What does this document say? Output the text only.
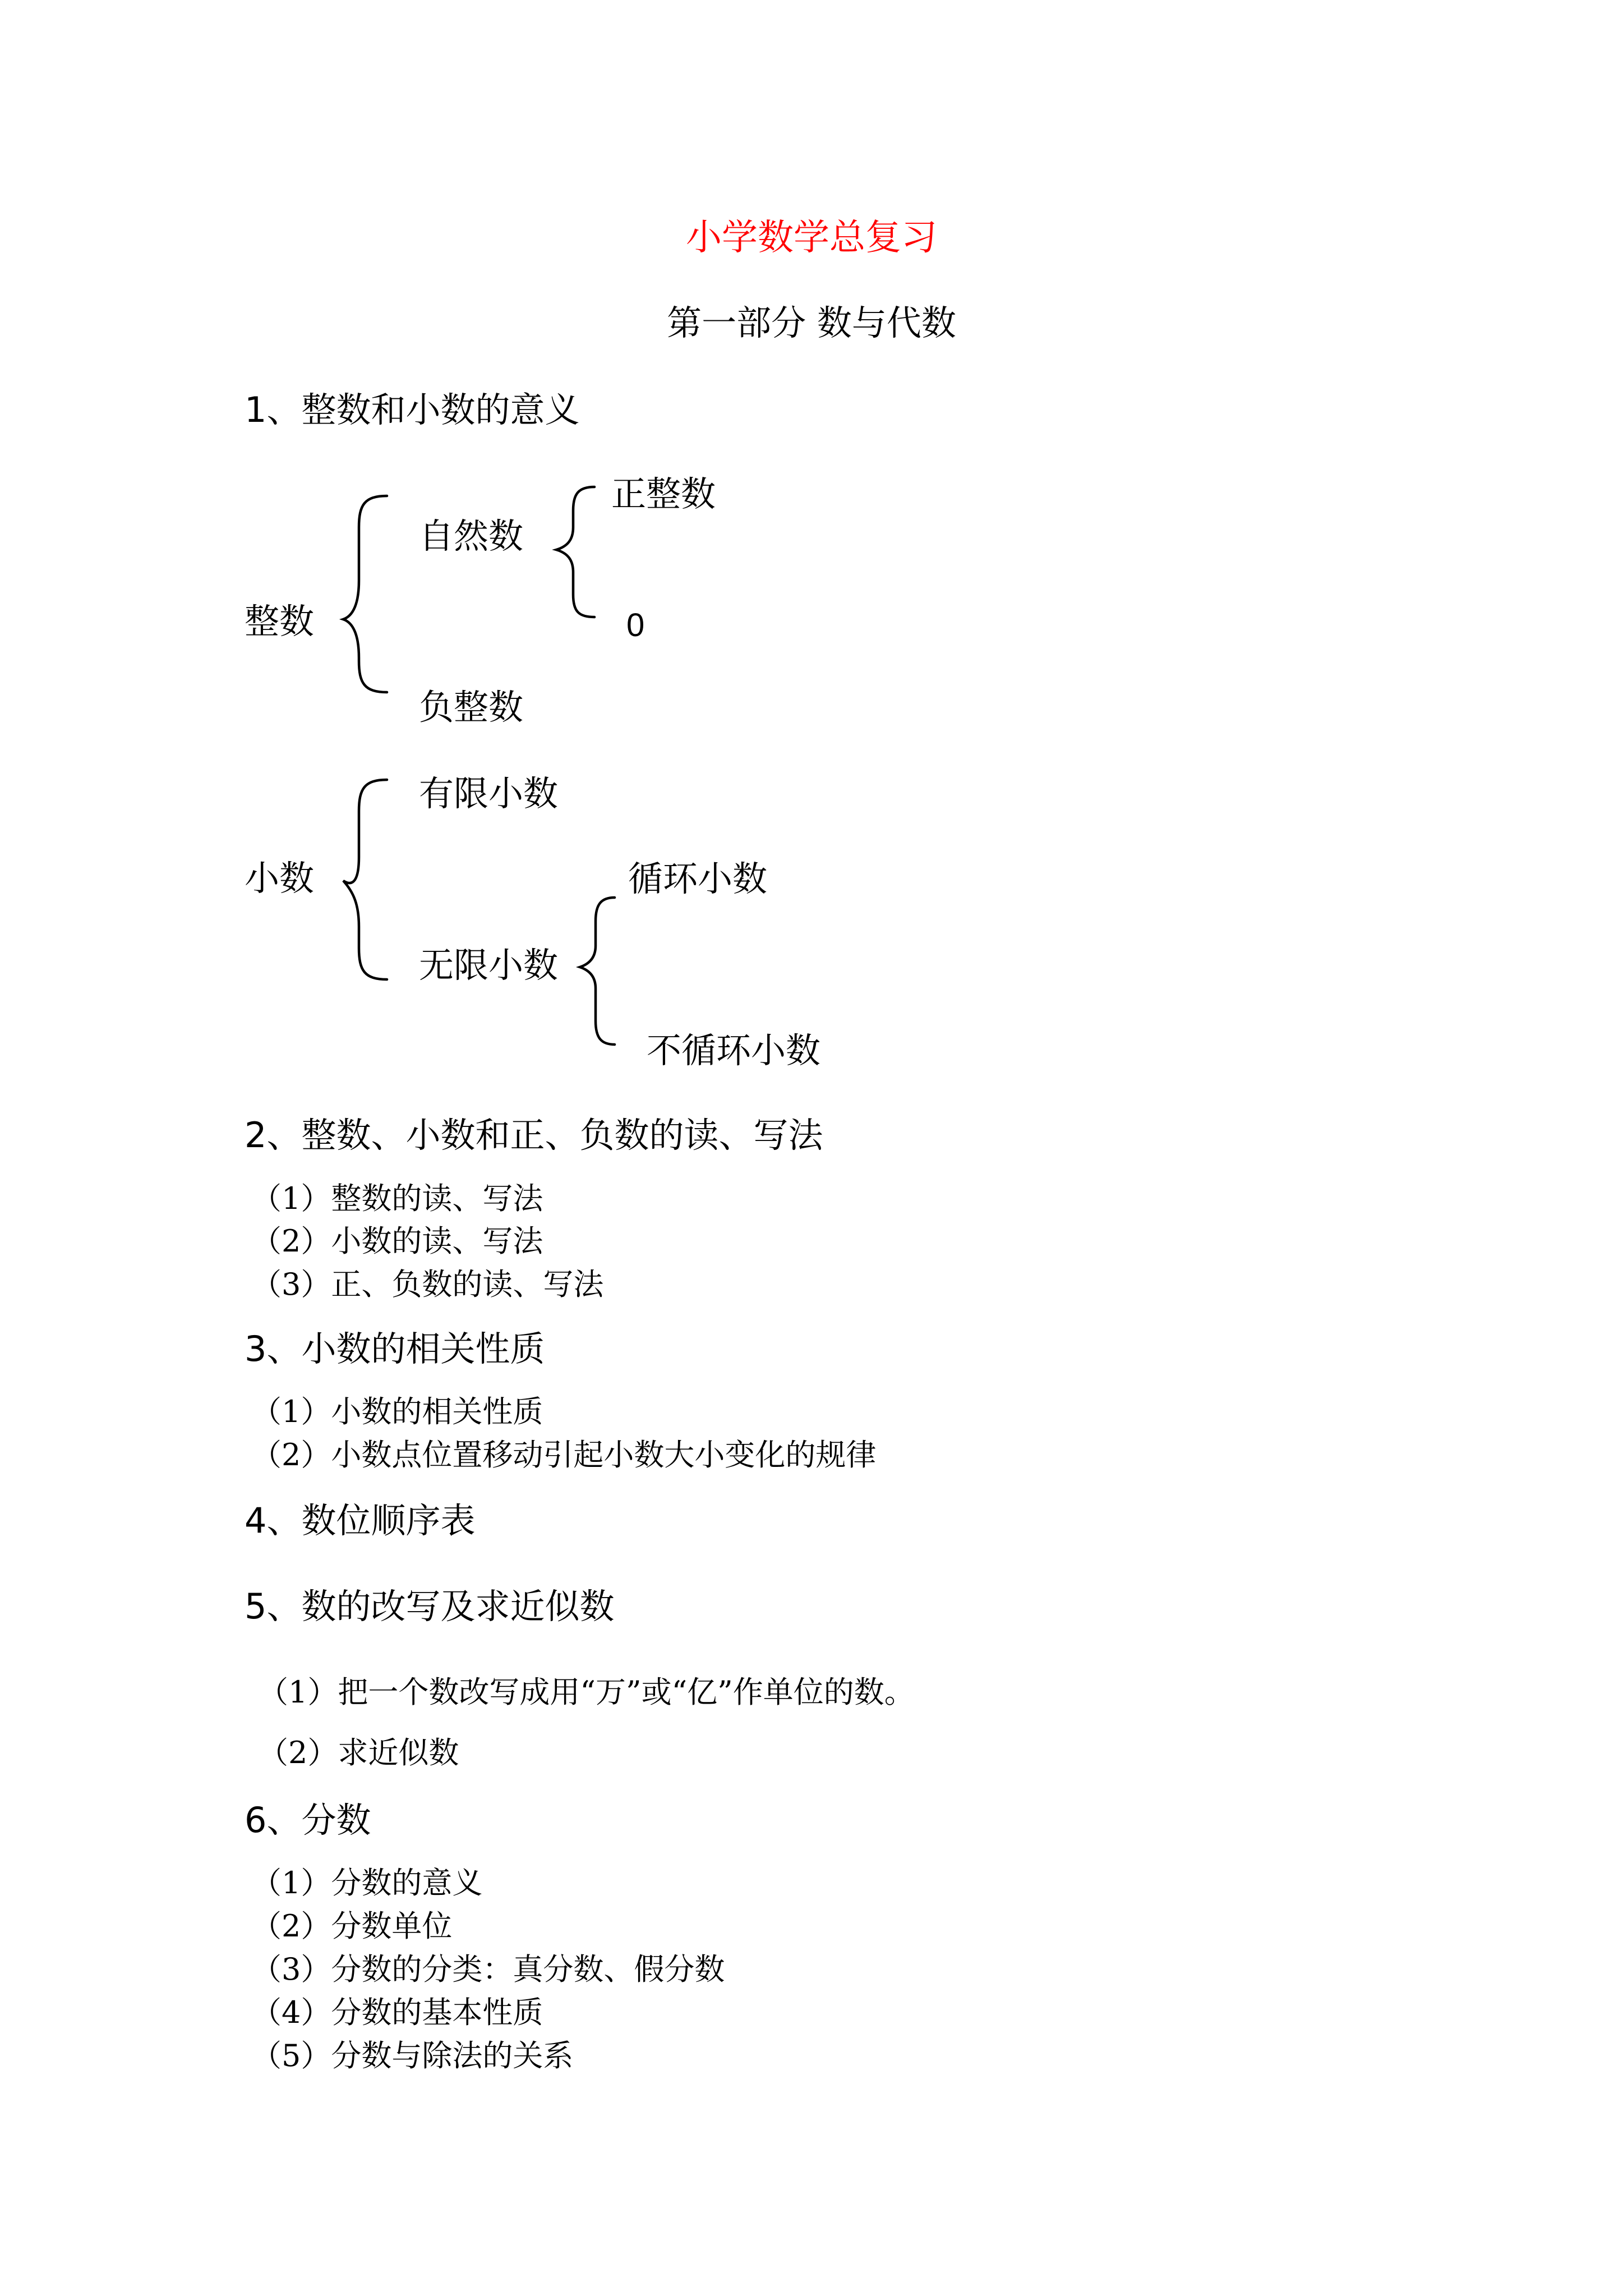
小学数学总复习
第一部分 数与代数
1、整数和小数的意义
整数
自然数
正整数
0
负整数
小数
有限小数
无限小数
循环小数
不循环小数
2、整数、小数和正、负数的读、写法
（1）整数的读、写法
（2）小数的读、写法
（3）正、负数的读、写法
3、小数的相关性质
（1）小数的相关性质
（2）小数点位置移动引起小数大小变化的规律
4、数位顺序表
5、数的改写及求近似数
（1）把一个数改写成用“万”或“亿”作单位的数。
（2）求近似数
6、分数
（1）分数的意义
（2）分数单位
（3）分数的分类：真分数、假分数
（4）分数的基本性质
（5）分数与除法的关系
